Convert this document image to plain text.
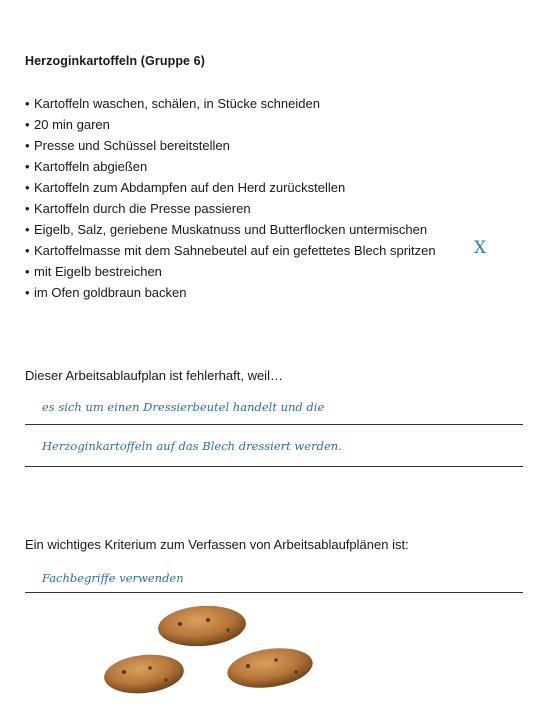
Herzoginkartoffeln (Gruppe 6)
• Kartoffeln waschen, schälen, in Stücke schneiden
• 20 min garen
• Presse und Schüssel bereitstellen
• Kartoffeln abgießen
• Kartoffeln zum Abdampfen auf den Herd zurückstellen
• Kartoffeln durch die Presse passieren
• Eigelb, Salz, geriebene Muskatnuss und Butterflocken untermischen
• Kartoffelmasse mit dem Sahnebeutel auf ein gefettetes Blech spritzen
• mit Eigelb bestreichen
• im Ofen goldbraun backen
X
Dieser Arbeitsablaufplan ist fehlerhaft, weil…
es sich um einen Dressierbeutel handelt und die
Herzoginkartoffeln auf das Blech dressiert werden.
Ein wichtiges Kriterium zum Verfassen von Arbeitsablaufplänen ist:
Fachbegriffe verwenden
